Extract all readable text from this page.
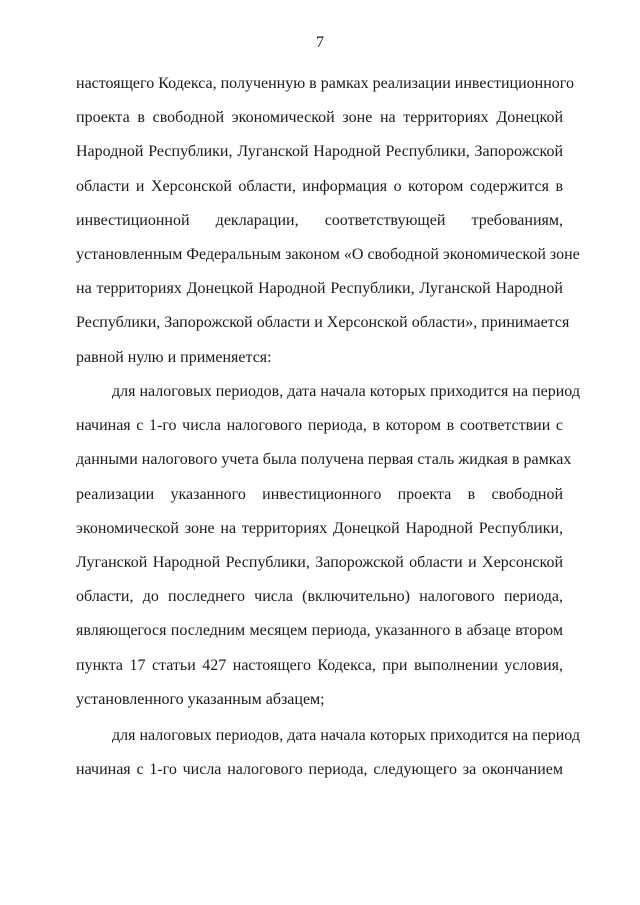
7
настоящего Кодекса, полученную в рамках реализации инвестиционного
проекта в свободной экономической зоне на территориях Донецкой
Народной Республики, Луганской Народной Республики, Запорожской
области и Херсонской области, информация о котором содержится в
инвестиционной декларации, соответствующей требованиям,
установленным Федеральным законом «О свободной экономической зоне
на территориях Донецкой Народной Республики, Луганской Народной
Республики, Запорожской области и Херсонской области», принимается
равной нулю и применяется:
для налоговых периодов, дата начала которых приходится на период
начиная с 1-го числа налогового периода, в котором в соответствии с
данными налогового учета была получена первая сталь жидкая в рамках
реализации указанного инвестиционного проекта в свободной
экономической зоне на территориях Донецкой Народной Республики,
Луганской Народной Республики, Запорожской области и Херсонской
области, до последнего числа (включительно) налогового периода,
являющегося последним месяцем периода, указанного в абзаце втором
пункта 17 статьи 427 настоящего Кодекса, при выполнении условия,
установленного указанным абзацем;
для налоговых периодов, дата начала которых приходится на период
начиная с 1-го числа налогового периода, следующего за окончанием
